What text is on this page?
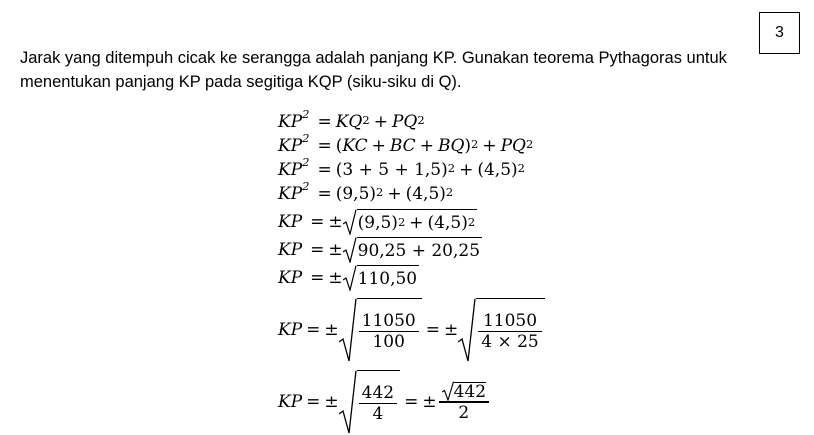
3
Jarak yang ditempuh cicak ke serangga adalah panjang KP. Gunakan teorema Pythagoras untuk
menentukan panjang KP pada segitiga KQP (siku-siku di Q).
$KP^2 = KQ^2 + PQ^2$
$KP^2$ = ( KC + BC + BQ )$^2 + PQ^2$
$KP^2 = (3 + 5 + 1,5)^2 + (4,5)^2$
$KP^2 = (9,5)^2 + (4,5)^2$
KP = ± $(9,5)^2 + (4,5)^2$
KP = ± 90,25 + 20,25
KP = ± 110,50
KP = ± $\frac{11050}{100}$ = ± $\frac{11050}{4 \times 25}$
KP = ± $\frac{442}{4}$ = ± $\frac{442}{2}$
